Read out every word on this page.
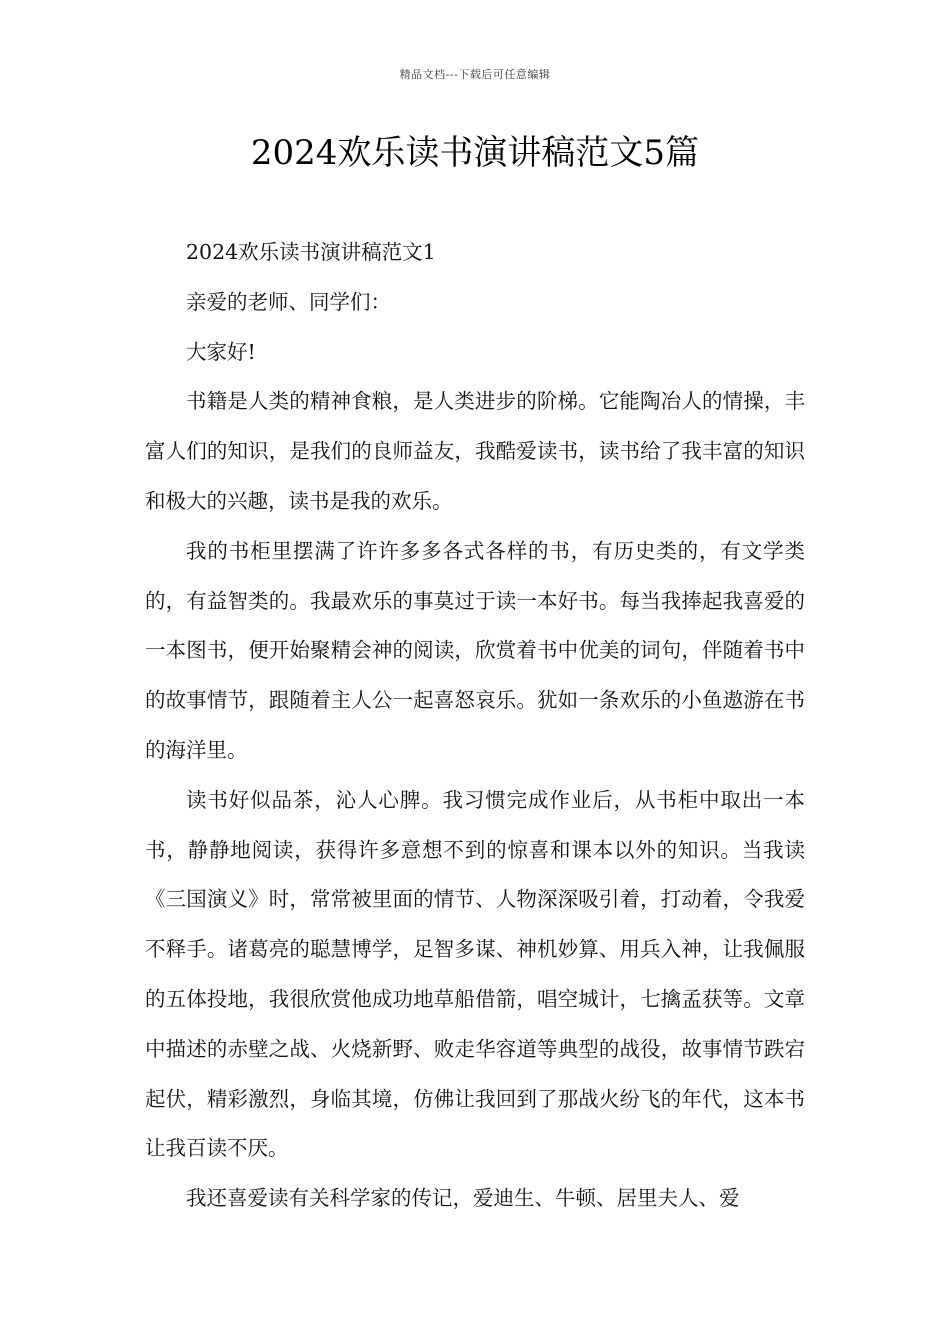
精品文档---下载后可任意编辑
2024欢乐读书演讲稿范文5篇

2024欢乐读书演讲稿范文1

亲爱的老师、同学们：

大家好!

书籍是人类的精神食粮，是人类进步的阶梯。它能陶冶人的情操，丰富人们的知识，是我们的良师益友，我酷爱读书，读书给了我丰富的知识和极大的兴趣，读书是我的欢乐。

我的书柜里摆满了许许多多各式各样的书，有历史类的，有文学类的，有益智类的。我最欢乐的事莫过于读一本好书。每当我捧起我喜爱的一本图书，便开始聚精会神的阅读，欣赏着书中优美的词句，伴随着书中的故事情节，跟随着主人公一起喜怒哀乐。犹如一条欢乐的小鱼遨游在书的海洋里。

读书好似品茶，沁人心脾。我习惯完成作业后，从书柜中取出一本书，静静地阅读，获得许多意想不到的惊喜和课本以外的知识。当我读《三国演义》时，常常被里面的情节、人物深深吸引着，打动着，令我爱不释手。诸葛亮的聪慧博学，足智多谋、神机妙算、用兵入神，让我佩服的五体投地，我很欣赏他成功地草船借箭，唱空城计，七擒孟获等。文章中描述的赤壁之战、火烧新野、败走华容道等典型的战役，故事情节跌宕起伏，精彩激烈，身临其境，仿佛让我回到了那战火纷飞的年代，这本书让我百读不厌。

我还喜爱读有关科学家的传记，爱迪生、牛顿、居里夫人、爱
